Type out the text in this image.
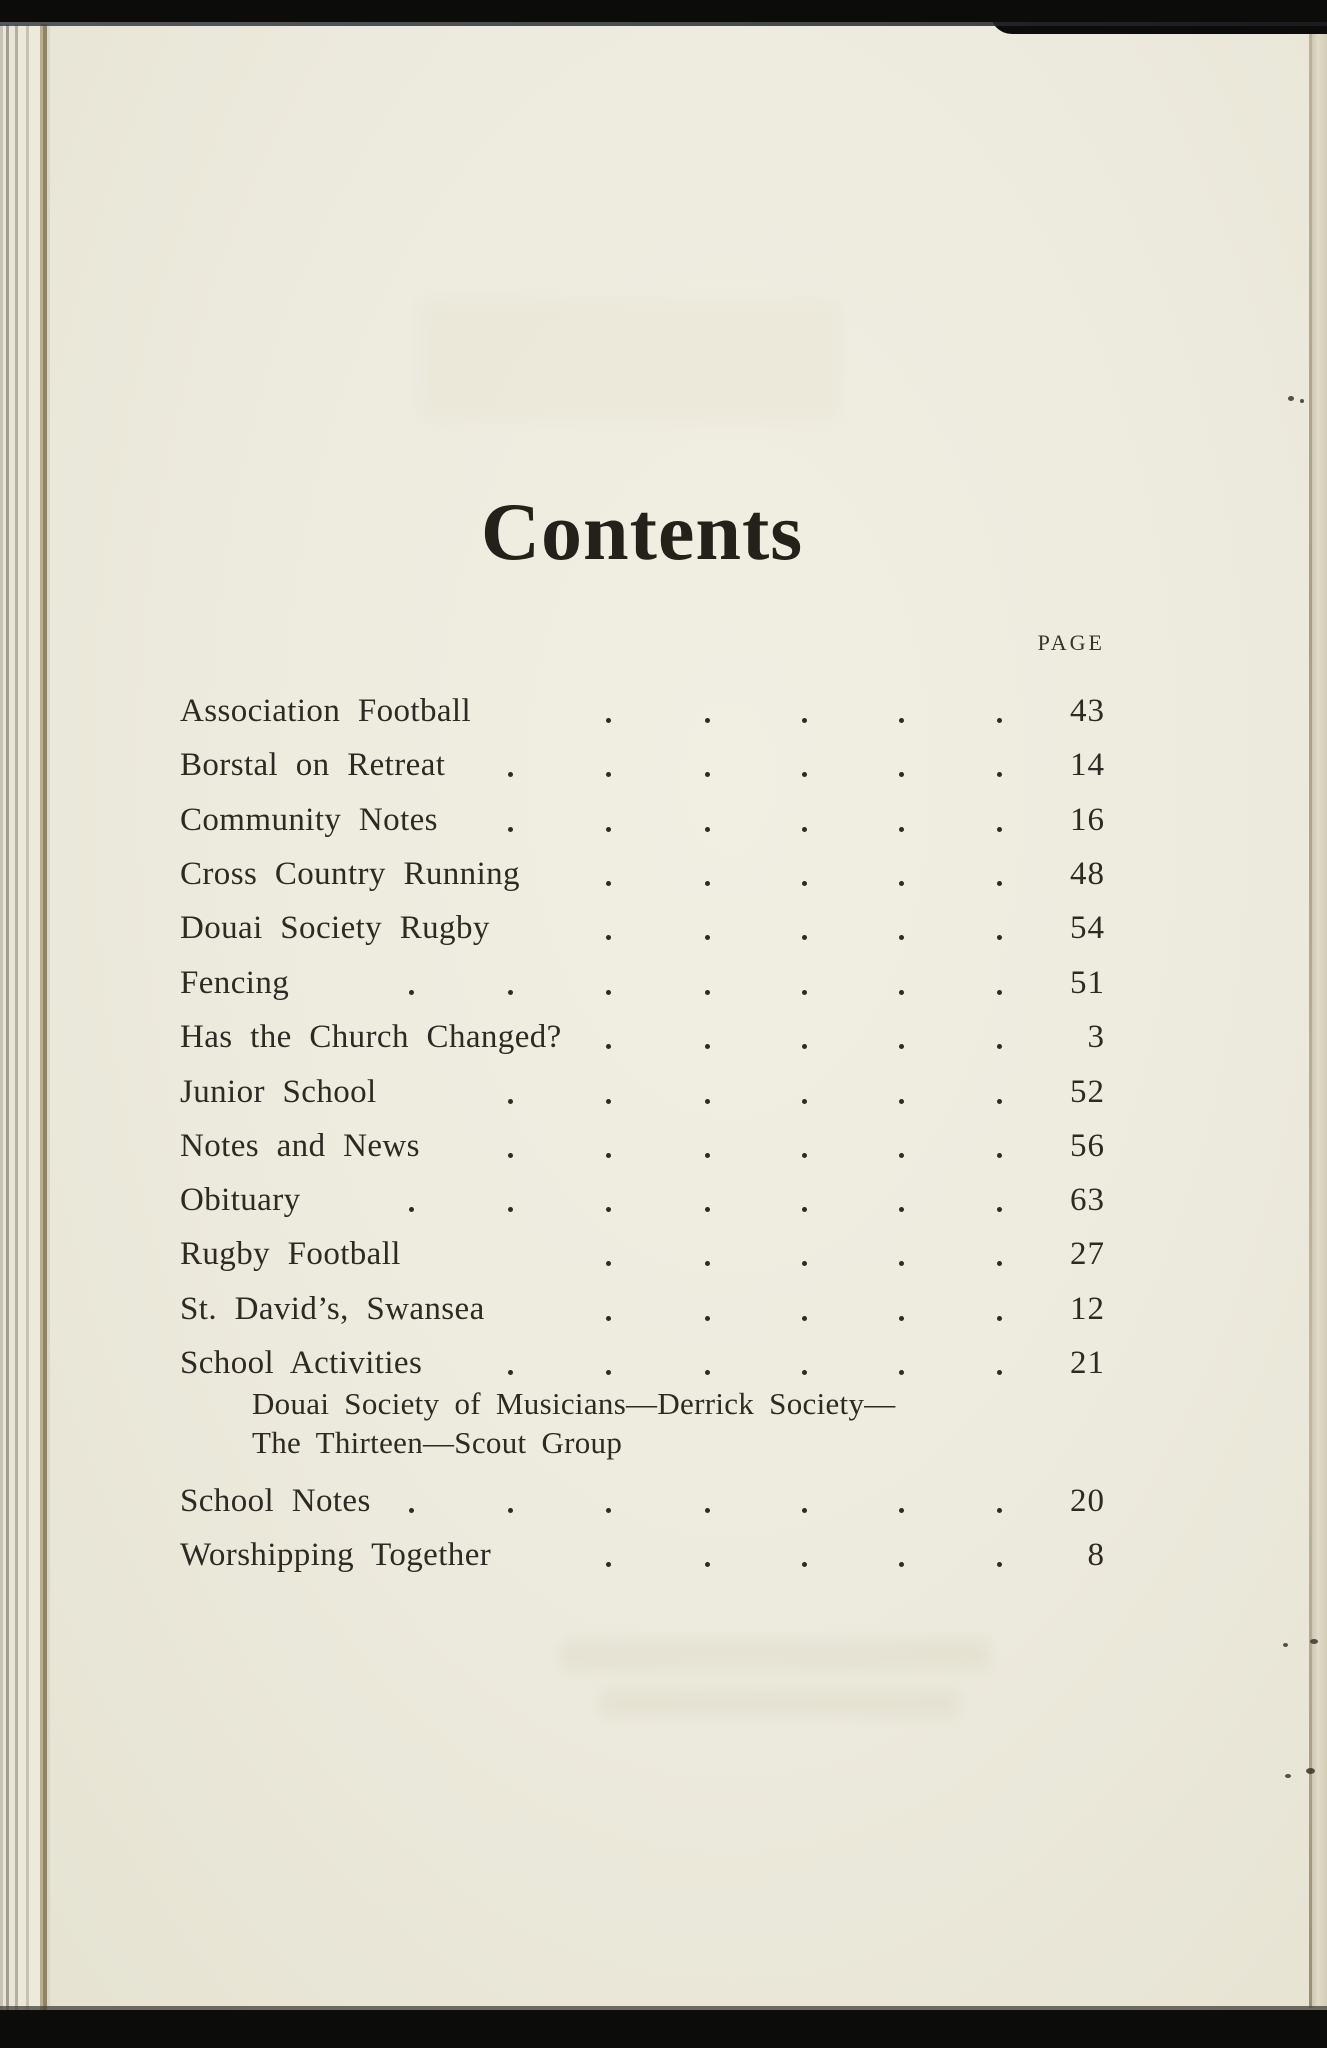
Contents
PAGE
Association Football	43
Borstal on Retreat	14
Community Notes	16
Cross Country Running	48
Douai Society Rugby	54
Fencing	51
Has the Church Changed?	3
Junior School	52
Notes and News	56
Obituary	63
Rugby Football	27
St. David’s, Swansea	12
School Activities	21
Douai Society of Musicians—Derrick Society—
The Thirteen—Scout Group
School Notes	20
Worshipping Together	8
